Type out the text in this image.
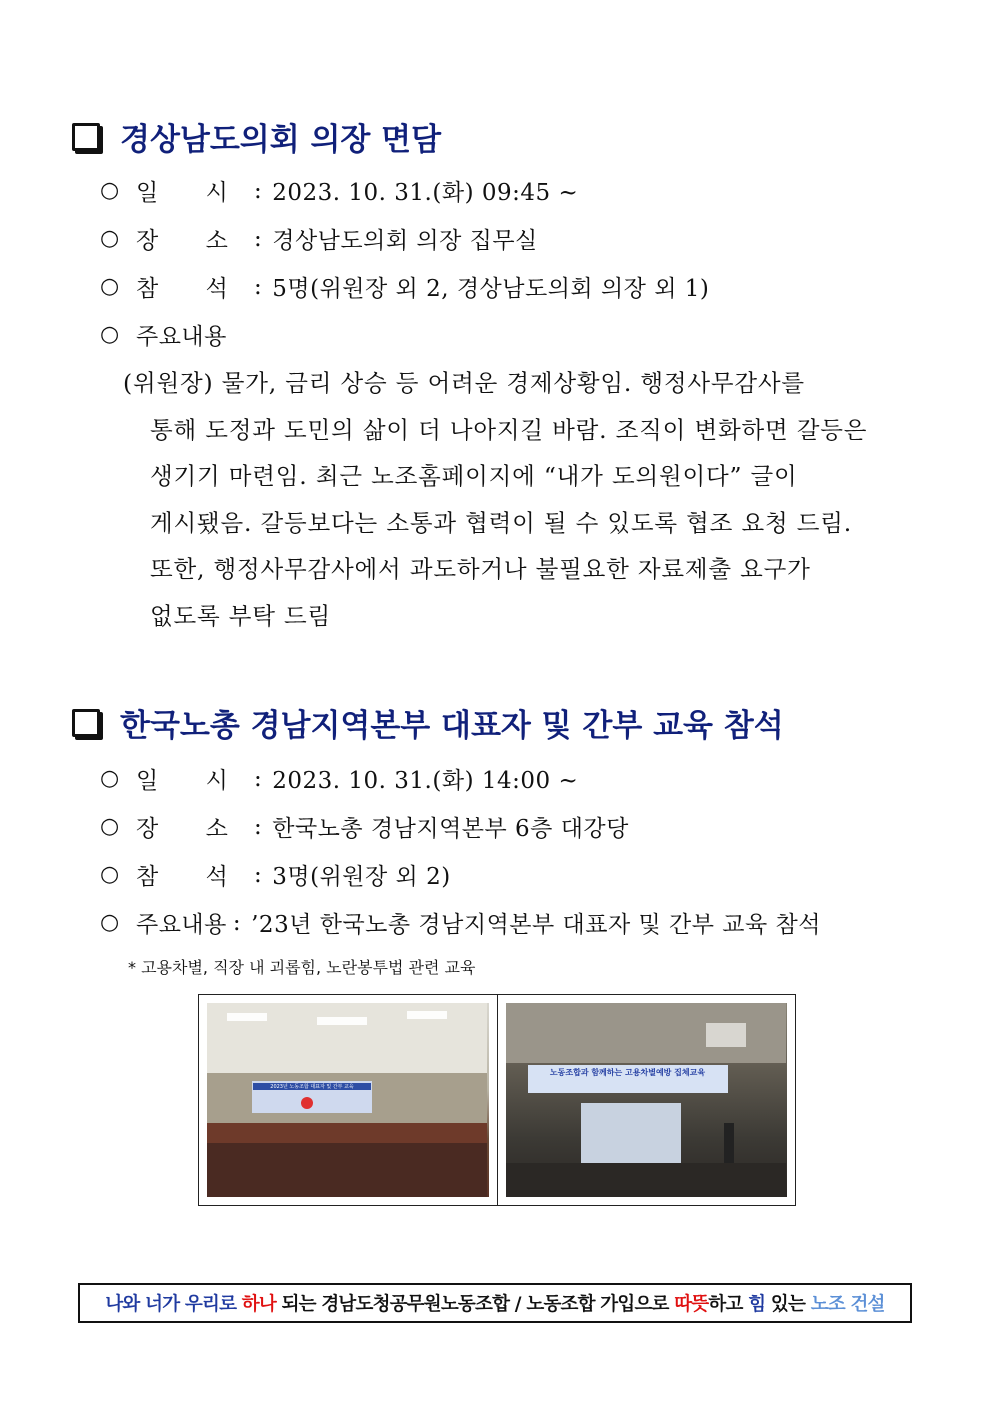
경상남도의회 의장 면담
○ 일      시	: 2023. 10. 31.(화) 09:45 ~
○ 장      소	: 경상남도의회 의장 집무실
○ 참      석	: 5명(위원장 외 2, 경상남도의회 의장 외 1)
○ 주요내용

(위원장) 물가, 금리 상승 등 어려운 경제상황임. 행정사무감사를

통해 도정과 도민의 삶이 더 나아지길 바람. 조직이 변화하면 갈등은

생기기 마련임. 최근 노조홈페이지에 “내가 도의원이다” 글이

게시됐음. 갈등보다는 소통과 협력이 될 수 있도록 협조 요청 드림.

또한, 행정사무감사에서 과도하거나 불필요한 자료제출 요구가

없도록 부탁 드림

한국노총 경남지역본부 대표자 및 간부 교육 참석
○ 일      시	: 2023. 10. 31.(화) 14:00 ~
○ 장      소	: 한국노총 경남지역본부 6층 대강당
○ 참      석	: 3명(위원장 외 2)
○ 주요내용 : ’23년 한국노총 경남지역본부 대표자 및 간부 교육 참석
* 고용차별, 직장 내 괴롭힘, 노란봉투법 관련 교육
2023년 노동조합 대표자 및 간부 교육
노동조합과 함께하는 고용차별예방 집체교육
나와 너가 우리로 하나 되는 경남도청공무원노동조합 / 노동조합 가입으로 따뜻 하고 힘 있는 노조 건설
